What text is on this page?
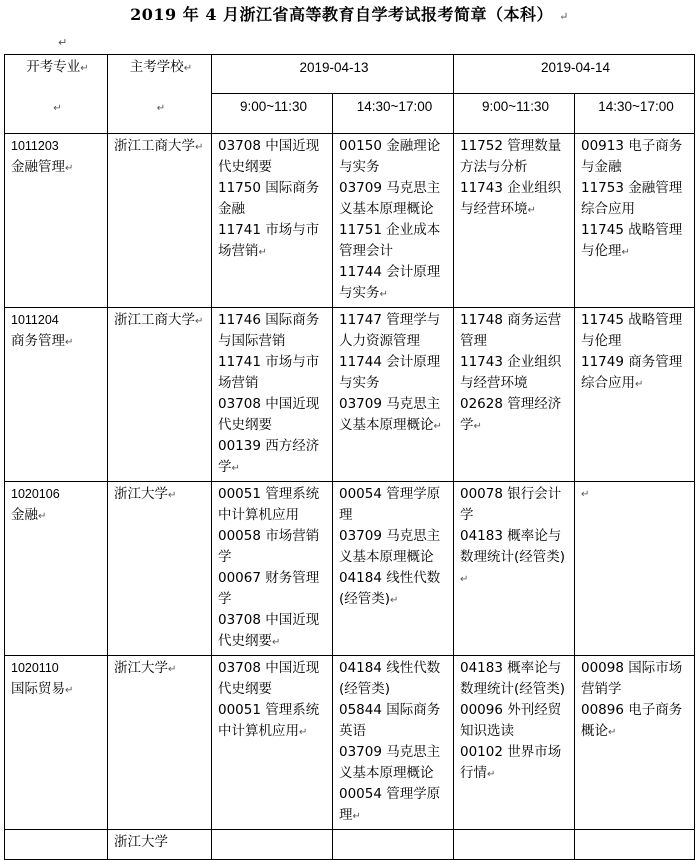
2019 年 4 月浙江省高等教育自学考试报考简章（本科） ↵
↵
开考专业↵
↵	主考学校↵
↵	2019-04-13		2019-04-14	
		9:00~11:30	14:30~17:00	9:00~11:30	14:30~17:00

1011203
金融管理↵	浙江工商大学↵	03708 中国近现代史纲要
11750 国际商务金融
11741 市场与市场营销↵	00150 金融理论与实务
03709 马克思主义基本原理概论
11751 企业成本管理会计
11744 会计原理与实务↵	11752 管理数量方法与分析
11743 企业组织与经营环境↵	00913 电子商务与金融
11753 金融管理综合应用
11745 战略管理与伦理↵

1011204
商务管理↵	浙江工商大学↵	11746 国际商务与国际营销
11741 市场与市场营销
03708 中国近现代史纲要
00139 西方经济学↵	11747 管理学与人力资源管理
11744 会计原理与实务
03709 马克思主义基本原理概论↵	11748 商务运营管理
11743 企业组织与经营环境
02628 管理经济学↵	11745 战略管理与伦理
11749 商务管理综合应用↵

1020106
金融↵	浙江大学↵	00051 管理系统中计算机应用
00058 市场营销学
00067 财务管理学
03708 中国近现代史纲要↵	00054 管理学原理
03709 马克思主义基本原理概论
04184 线性代数(经管类)↵	00078 银行会计学
04183 概率论与数理统计(经管类)↵	↵

1020110
国际贸易↵	浙江大学↵	03708 中国近现代史纲要
00051 管理系统中计算机应用↵	04184 线性代数(经管类)
05844 国际商务英语
03709 马克思主义基本原理概论
00054 管理学原理↵	04183 概率论与数理统计(经管类)
00096 外刊经贸知识选读
00102 世界市场行情↵	00098 国际市场营销学
00896 电子商务概论↵

	浙江大学				
